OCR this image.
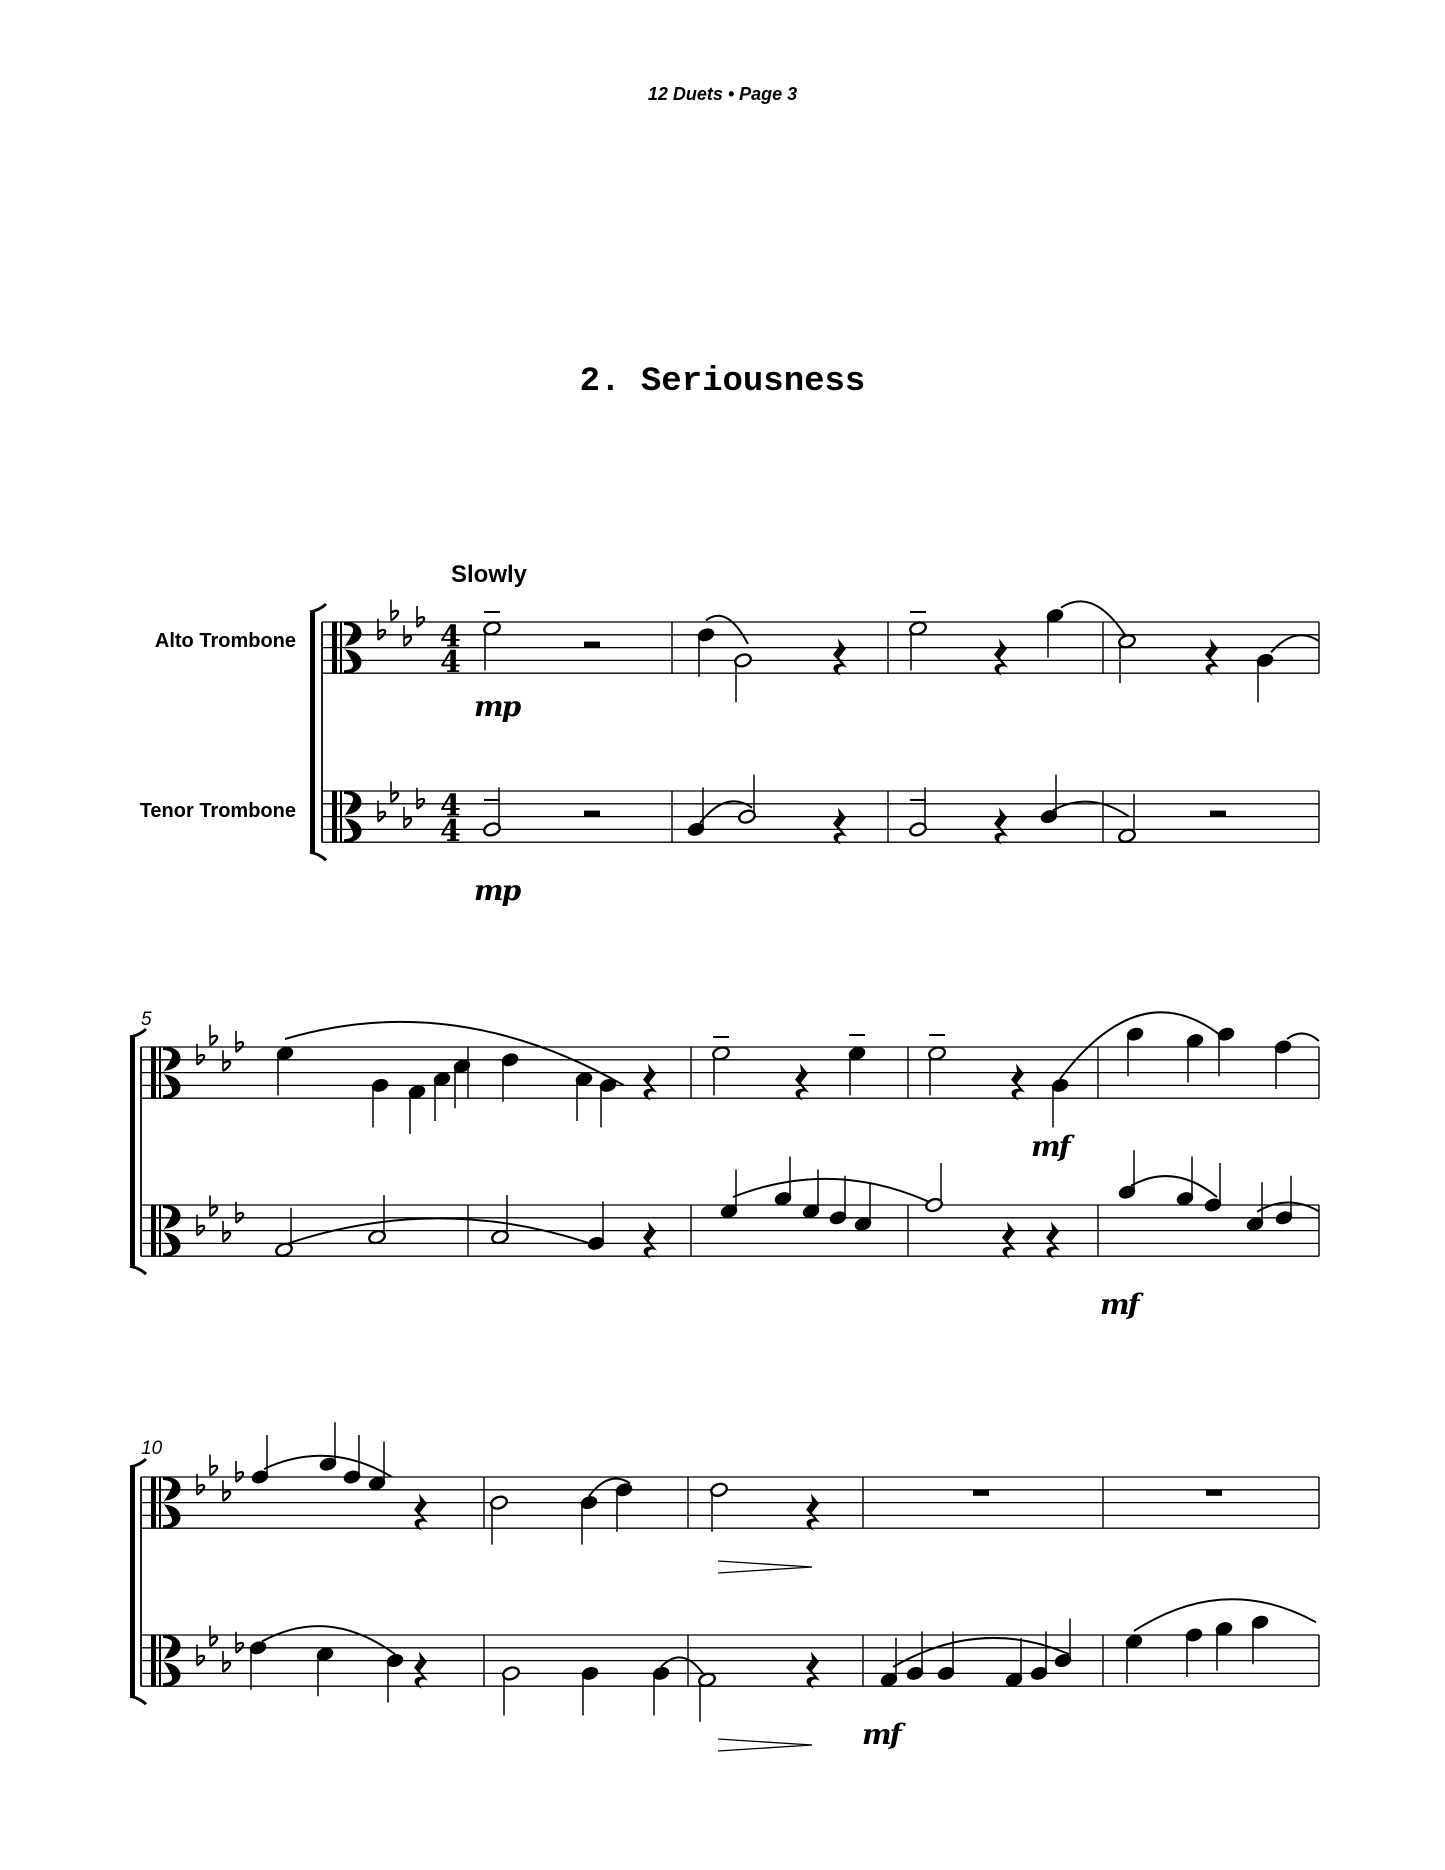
12 Duets • Page 3
2. Seriousness
Slowly
Alto Trombone
Tenor Trombone
5
10
mp
mp
mf
mf
mf
4
4
4
4
